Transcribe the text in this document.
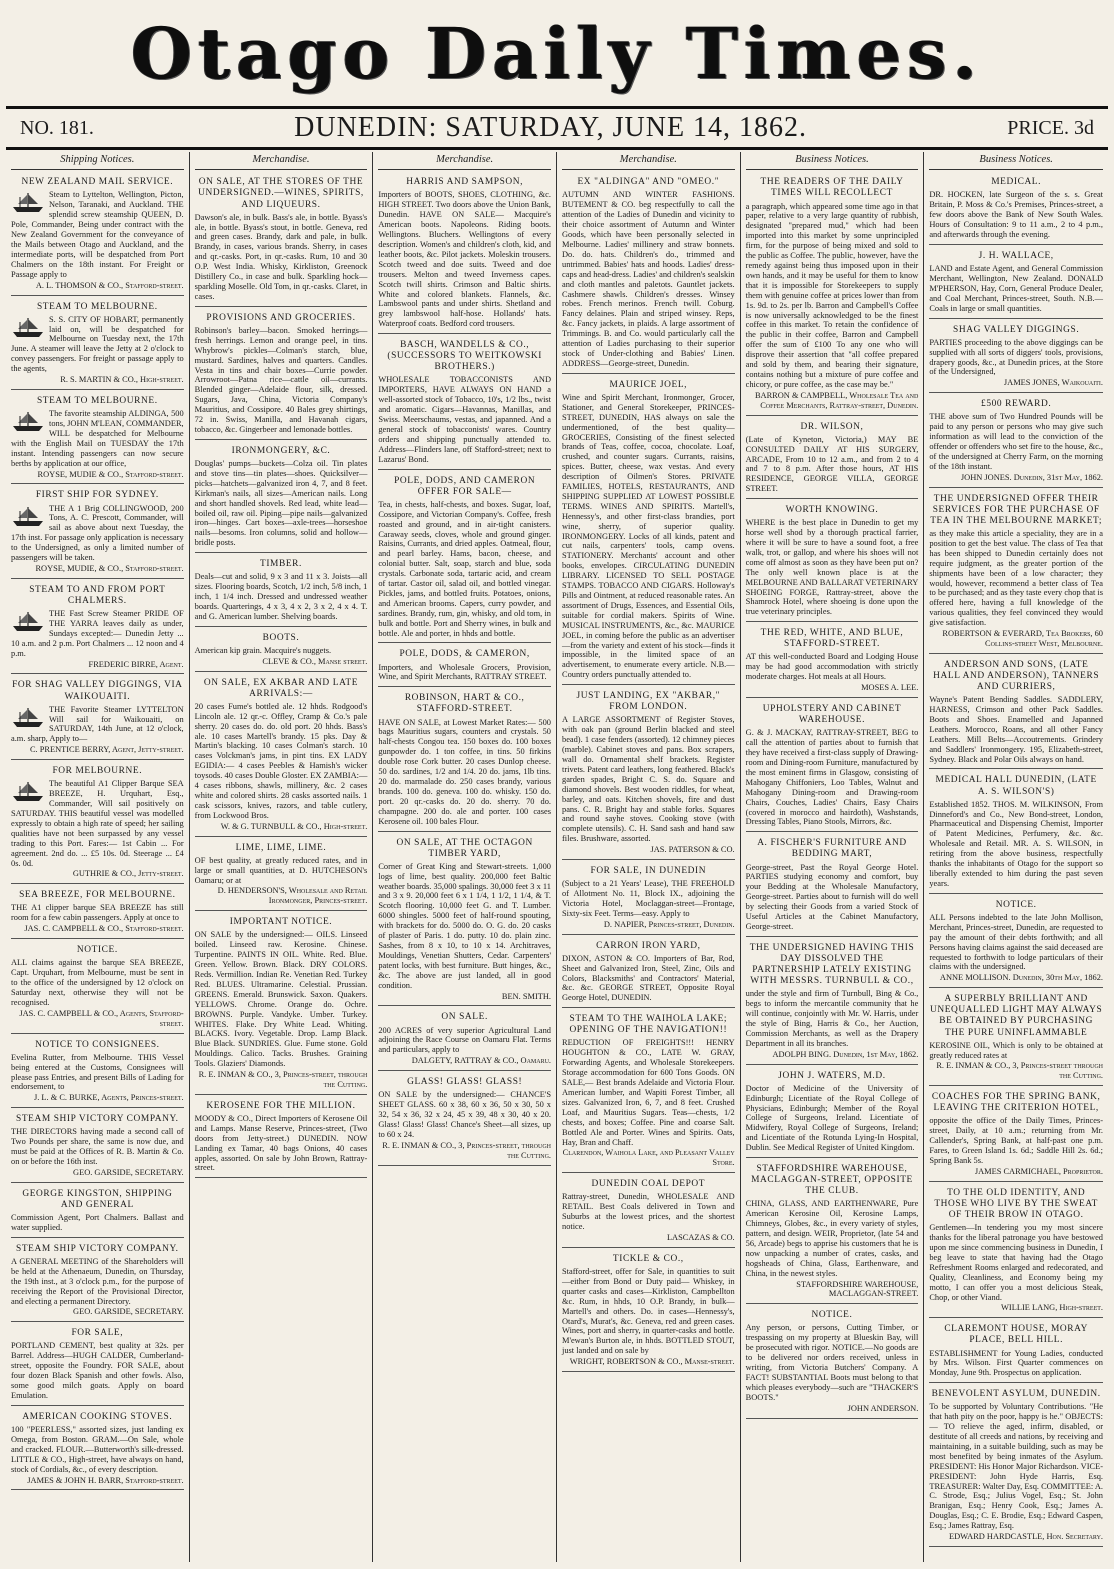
Otago Daily Times.
NO. 181.	DUNEDIN: SATURDAY, JUNE 14, 1862.	PRICE. 3d
Shipping Notices.
NEW ZEALAND MAIL SERVICE.
Steam to Lyttelton, Wellington, Picton, Nelson, Taranaki, and Auckland. THE splendid screw steamship QUEEN, D. Pole, Commander, Being under contract with the New Zealand Government for the conveyance of the Mails between Otago and Auckland, and the intermediate ports, will be despatched from Port Chalmers on the 18th instant. For Freight or Passage apply to
A. L. THOMSON & CO., Stafford-street.
STEAM TO MELBOURNE.
S. S. CITY OF HOBART, permanently laid on, will be despatched for Melbourne on Tuesday next, the 17th June. A steamer will leave the Jetty at 2 o'clock to convey passengers. For freight or passage apply to the agents,
R. S. MARTIN & CO., High-street.
STEAM TO MELBOURNE.
The favorite steamship ALDINGA, 500 tons, JOHN M'LEAN, COMMANDER, WILL be despatched for Melbourne with the English Mail on TUESDAY the 17th instant. Intending passengers can now secure berths by application at our office,
ROYSE, MUDIE & CO., Stafford-street.
FIRST SHIP FOR SYDNEY.
THE A 1 Brig COLLINGWOOD, 200 Tons, A. C. Prescott, Commander, will sail as above about next Tuesday, the 17th inst. For passage only application is necessary to the Undersigned, as only a limited number of passengers will be taken.
ROYSE, MUDIE, & CO., Stafford-street.
STEAM TO AND FROM PORT CHALMERS.
THE Fast Screw Steamer PRIDE OF THE YARRA leaves daily as under, Sundays excepted:— Dunedin Jetty ... 10 a.m. and 2 p.m. Port Chalmers ... 12 noon and 4 p.m.
FREDERIC BIRRE, Agent.
FOR SHAG VALLEY DIGGINGS, VIA WAIKOUAITI.
THE Favorite Steamer LYTTELTON Will sail for Waikouaiti, on SATURDAY, 14th June, at 12 o'clock, a.m. sharp, Apply to—
C. PRENTICE BERRY, Agent, Jetty-street.
FOR MELBOURNE.
The beautiful A1 Clipper Barque SEA BREEZE, H. Urquhart, Esq., Commander, Will sail positively on SATURDAY. THIS beautiful vessel was modelled expressly to obtain a high rate of speed; her sailing qualities have not been surpassed by any vessel trading to this Port. Fares:— 1st Cabin ... For agreement. 2nd do. ... £5 10s. 0d. Steerage ... £4 0s. 0d.
GUTHRIE & CO., Jetty-street.
SEA BREEZE, FOR MELBOURNE.
THE A1 clipper barque SEA BREEZE has still room for a few cabin passengers. Apply at once to
JAS. C. CAMPBELL & CO., Stafford-street.
NOTICE.
ALL claims against the barque SEA BREEZE, Capt. Urquhart, from Melbourne, must be sent in to the office of the undersigned by 12 o'clock on Saturday next, otherwise they will not be recognised.
JAS. C. CAMPBELL & CO., Agents, Stafford-street.
NOTICE TO CONSIGNEES.
Evelina Rutter, from Melbourne. THIS Vessel being entered at the Customs, Consignees will please pass Entries, and present Bills of Lading for endorsement, to
J. L. & C. BURKE, Agents, Princes-street.
STEAM SHIP VICTORY COMPANY.
THE DIRECTORS having made a second call of Two Pounds per share, the same is now due, and must be paid at the Offices of R. B. Martin & Co. on or before the 16th inst.
GEO. GARSIDE, SECRETARY.
GEORGE KINGSTON, SHIPPING AND GENERAL
Commission Agent, Port Chalmers. Ballast and water supplied.
STEAM SHIP VICTORY COMPANY.
A GENERAL MEETING of the Shareholders will be held at the Athenaeum, Dunedin, on Thursday, the 19th inst., at 3 o'clock p.m., for the purpose of receiving the Report of the Provisional Director, and electing a permanent Directory.
GEO. GARSIDE, SECRETARY.
FOR SALE,
PORTLAND CEMENT, best quality at 32s. per Barrel. Address—HUGH CALDER, Cumberland-street, opposite the Foundry. FOR SALE, about four dozen Black Spanish and other fowls. Also, some good milch goats. Apply on board Emulation.
AMERICAN COOKING STOVES.
100 "PEERLESS," assorted sizes, just landing ex Omega, from Boston. GRAM.—On Sale, whole and cracked. FLOUR.—Butterworth's silk-dressed. LITTLE & CO., High-street, have always on hand, stock of Cordials, &c., of every description.
JAMES & JOHN H. BARR, Stafford-street.
Merchandise.
ON SALE, AT THE STORES OF THE UNDERSIGNED.—WINES, SPIRITS, AND LIQUEURS.
Dawson's ale, in bulk. Bass's ale, in bottle. Byass's ale, in bottle. Byass's stout, in bottle. Geneva, red and green cases. Brandy, dark and pale, in bulk. Brandy, in cases, various brands. Sherry, in cases and qr.-casks. Port, in qr.-casks. Rum, 10 and 30 O.P. West India. Whisky, Kirkliston, Greenock Distillery Co., in case and bulk. Sparkling hock—sparkling Moselle. Old Tom, in qr.-casks. Claret, in cases.
PROVISIONS AND GROCERIES.
Robinson's barley—bacon. Smoked herrings—fresh herrings. Lemon and orange peel, in tins. Whybrow's pickles—Colman's starch, blue, mustard. Sardines, halves and quarters. Candles. Vesta in tins and chair boxes—Currie powder. Arrowroot—Patna rice—cattle oil—currants. Blended ginger—Adelaide flour, silk, dressed. Sugars, Java, China, Victoria Company's Mauritius, and Cossipore. 40 Bales grey shirtings, 72 in. Swiss, Manilla, and Havanah cigars, tobacco, &c. Gingerbeer and lemonade bottles.
IRONMONGERY, &C.
Douglas' pumps—buckets—Colza oil. Tin plates and stove tins—tin plates—shoes. Quicksilver—picks—hatchets—galvanized iron 4, 7, and 8 feet. Kirkman's nails, all sizes—American nails. Long and short handled shovels. Red lead, white lead—boiled oil, raw oil. Piping—pipe nails—galvanized iron—hinges. Cart boxes—axle-trees—horseshoe nails—besoms. Iron columns, solid and hollow—bridle posts.
TIMBER.
Deals—cut and solid, 9 x 3 and 11 x 3. Joists—all sizes. Flooring boards, Scotch, 1/2 inch, 5/8 inch, 1 inch, 1 1/4 inch. Dressed and undressed weather boards. Quarterings, 4 x 3, 4 x 2, 3 x 2, 4 x 4. T. and G. American lumber. Shelving boards.
BOOTS.
American kip grain. Macquire's nuggets.
CLEVE & CO., Manse street.
ON SALE, EX AKBAR AND LATE ARRIVALS:—
20 cases Fume's bottled ale. 12 hhds. Rodgood's Lincoln ale. 12 qr.-c. Offley, Cramp & Co.'s pale sherry. 20 cases do. do. old port. 20 hhds. Bass's ale. 10 cases Martell's brandy. 15 pks. Day & Martin's blacking. 10 cases Colman's starch. 10 cases Volckman's jams, in pint tins. EX LADY EGIDIA:— 4 cases Peebles & Hamish's wicker toysods. 40 cases Double Gloster. EX ZAMBIA:— 4 cases ribbons, shawls, millinery, &c. 2 cases white and colored shirts. 28 casks assorted nails. 1 cask scissors, knives, razors, and table cutlery, from Lockwood Bros.
W. & G. TURNBULL & CO., High-street.
LIME, LIME, LIME.
OF best quality, at greatly reduced rates, and in large or small quantities, at D. HUTCHESON's Oamaru; or at
D. HENDERSON'S, Wholesale and Retail Ironmonger, Princes-street.
IMPORTANT NOTICE.
ON SALE by the undersigned:— OILS. Linseed boiled. Linseed raw. Kerosine. Chinese. Turpentine. PAINTS IN OIL. White. Red. Blue. Green. Yellow. Brown. Black. DRY COLORS. Reds. Vermillion. Indian Re. Venetian Red. Turkey Red. BLUES. Ultramarine. Celestial. Prussian. GREENS. Emerald. Brunswick. Saxon. Quakers. YELLOWS. Chrome. Orange do. Ochre. BROWNS. Purple. Vandyke. Umber. Turkey. WHITES. Flake. Dry White Lead. Whiting. BLACKS. Ivory. Vegetable. Drop. Lamp Black. Blue Black. SUNDRIES. Glue. Fume stone. Gold Mouldings. Calico. Tacks. Brushes. Graining Tools. Glaziers' Diamonds.
R. E. INMAN & CO., 3, Princes-street, through the Cutting.
KEROSENE FOR THE MILLION.
MOODY & CO., Direct Importers of Kerosene Oil and Lamps. Manse Reserve, Princes-street, (Two doors from Jetty-street.) DUNEDIN. NOW Landing ex Tamar, 40 bags Onions, 40 cases apples, assorted. On sale by John Brown, Rattray-street.
Merchandise.
HARRIS AND SAMPSON,
Importers of BOOTS, SHOES, CLOTHING, &c. HIGH STREET. Two doors above the Union Bank, Dunedin. HAVE ON SALE— Macquire's American boots. Napoleons. Riding boots. Wellingtons. Bluchers. Wellingtons of every description. Women's and children's cloth, kid, and leather boots, &c. Pilot jackets. Moleskin trousers. Scotch tweed and doe suits. Tweed and doe trousers. Melton and tweed Inverness capes. Scotch twill shirts. Crimson and Baltic shirts. White and colored blankets. Flannels, &c. Lambswool pants and under shirts. Shetland and grey lambswool half-hose. Hollands' hats. Waterproof coats. Bedford cord trousers.
BASCH, WANDELLS & CO., (SUCCESSORS TO WEITKOWSKI BROTHERS.)
WHOLESALE TOBACCONISTS AND IMPORTERS, HAVE ALWAYS ON HAND a well-assorted stock of Tobacco, 10's, 1/2 lbs., twist and aromatic. Cigars—Havannas, Manillas, and Swiss. Meerschaums, vestas, and japanned. And a general stock of tobacconists' wares. Country orders and shipping punctually attended to. Address—Flinders lane, off Stafford-street; next to Lazarus' Bond.
POLE, DODS, AND CAMERON OFFER FOR SALE—
Tea, in chests, half-chests, and boxes. Sugar, loaf, Cossipore, and Victorian Company's. Coffee, fresh roasted and ground, and in air-tight canisters. Caraway seeds, cloves, whole and ground ginger. Raisins, Currants, and dried apples. Oatmeal, flour, and pearl barley. Hams, bacon, cheese, and colonial butter. Salt, soap, starch and blue, soda crystals. Carbonate soda, tartaric acid, and cream of tartar. Castor oil, salad oil, and bottled vinegar. Pickles, jams, and bottled fruits. Potatoes, onions, and American brooms. Capers, curry powder, and sardines. Brandy, rum, gin, whisky, and old tom, in bulk and bottle. Port and Sherry wines, in bulk and bottle. Ale and porter, in hhds and bottle.
POLE, DODS, & CAMERON,
Importers, and Wholesale Grocers, Provision, Wine, and Spirit Merchants, RATTRAY STREET.
ROBINSON, HART & CO., STAFFORD-STREET.
HAVE ON SALE, at Lowest Market Rates:— 500 bags Mauritius sugars, counters and crystals. 50 half-chests Congou tea. 150 boxes do. 100 boxes gunpowder do. 1 ton coffee, in tins. 50 firkins double rose Cork butter. 20 cases Dunlop cheese. 50 do. sardines, 1/2 and 1/4. 20 do. jams, 1lb tins. 20 do. marmalade do. 250 cases brandy, various brands. 100 do. geneva. 100 do. whisky. 150 do. port. 20 qr.-casks do. 20 do. sherry. 70 do. champagne. 200 do. ale and porter. 100 cases Kerosene oil. 100 bales Flour.
ON SALE, AT THE OCTAGON TIMBER YARD,
Corner of Great King and Stewart-streets. 1,000 logs of lime, best quality. 200,000 feet Baltic weather boards. 35,000 spalings. 30,000 feet 3 x 11 and 3 x 9. 20,000 feet 6 x 1 1/4, 1 1/2, 1 1/4, & T. Scotch flooring. 10,000 feet G. and T. Lumber. 6000 shingles. 5000 feet of half-round spouting, with brackets for do. 5000 do. O. G. do. 20 casks of plaster of Paris. 1 do. putty. 10 do. plain zinc. Sashes, from 8 x 10, to 10 x 14. Architraves, Mouldings, Venetian Shutters, Cedar. Carpenters' patent locks, with best furniture. Butt hinges, &c., &c. The above are just landed, all in good condition.
BEN. SMITH.
ON SALE.
200 ACRES of very superior Agricultural Land adjoining the Race Course on Oamaru Flat. Terms and particulars, apply to
DALGETY, RATTRAY & CO., Oamaru.
GLASS! GLASS! GLASS!
ON SALE by the undersigned:— CHANCE'S SHEET GLASS. 60 x 38, 60 x 36, 50 x 30, 50 x 32, 54 x 36, 32 x 24, 45 x 39, 48 x 30, 40 x 20. Glass! Glass! Glass! Chance's Sheet—all sizes, up to 60 x 24.
R. E. INMAN & CO., 3, Princes-street, through the Cutting.
Merchandise.
EX "ALDINGA" AND "OMEO."
AUTUMN AND WINTER FASHIONS. BUTEMENT & CO. beg respectfully to call the attention of the Ladies of Dunedin and vicinity to their choice assortment of Autumn and Winter Goods, which have been personally selected in Melbourne. Ladies' millinery and straw bonnets. Do. do. hats. Children's do., trimmed and untrimmed. Babies' hats and hoods. Ladies' dress-caps and head-dress. Ladies' and children's sealskin and cloth mantles and paletots. Gauntlet jackets. Cashmere shawls. Children's dresses. Winsey robes. French merinos. French twill. Coburg. Fancy delaines. Plain and striped winsey. Reps, &c. Fancy jackets, in plaids. A large assortment of Trimmings. B. and Co. would particularly call the attention of Ladies purchasing to their superior stock of Under-clothing and Babies' Linen. ADDRESS—George-street, Dunedin.
MAURICE JOEL,
Wine and Spirit Merchant, Ironmonger, Grocer, Stationer, and General Storekeeper, PRINCES-STREET, DUNEDIN, HAS always on sale the undermentioned, of the best quality— GROCERIES, Consisting of the finest selected brands of Teas, coffee, cocoa, chocolate. Loaf, crushed, and counter sugars. Currants, raisins, spices. Butter, cheese, wax vestas. And every description of Oilmen's Stores. PRIVATE FAMILIES, HOTELS, RESTAURANTS, AND SHIPPING SUPPLIED AT LOWEST POSSIBLE TERMS. WINES AND SPIRITS. Martell's, Hennessy's, and other first-class brandies, port wine, sherry, of superior quality. IRONMONGERY. Locks of all kinds, patent and cut nails, carpenters' tools, camp ovens. STATIONERY. Merchants' account and other books, envelopes. CIRCULATING DUNEDIN LIBRARY. LICENSED TO SELL POSTAGE STAMPS. TOBACCO AND CIGARS. Holloway's Pills and Ointment, at reduced reasonable rates. An assortment of Drugs, Essences, and Essential Oils, suitable for cordial makers. Spirits of Wine. MUSICAL INSTRUMENTS, &c., &c. MAURICE JOEL, in coming before the public as an advertiser—from the variety and extent of his stock—finds it impossible, in the limited space of an advertisement, to enumerate every article. N.B.—Country orders punctually attended to.
JUST LANDING, EX "AKBAR," FROM LONDON.
A LARGE ASSORTMENT of Register Stoves, with oak pan (ground Berlin blacked and steel bead). 1 case fenders (assorted). 12 chimney pieces (marble). Cabinet stoves and pans. Box scrapers, wall do. Ornamental shelf brackets. Register trivets. Patent card leathers, long feathered. Black's garden spades, Bright C. S. do. Square and diamond shovels. Best wooden riddles, for wheat, barley, and oats. Kitchen shovels, fire and dust pans. C. R. Bright hay and stable forks. Squares and round sayhe stoves. Cooking stove (with complete utensils). C. H. Sand sash and hand saw files. Brushware, assorted.
JAS. PATERSON & CO.
FOR SALE, IN DUNEDIN
(Subject to a 21 Years' Lease), THE FREEHOLD of Allotment No. 11, Block IX., adjoining the Victoria Hotel, Moclaggan-street—Frontage, Sixty-six Feet. Terms—easy. Apply to
D. NAPIER, Princes-street, Dunedin.
CARRON IRON YARD,
DIXON, ASTON & CO. Importers of Bar, Rod, Sheet and Galvanized Iron, Steel, Zinc, Oils and Colors, Blacksmiths' and Contractors' Material, &c. &c. GEORGE STREET, Opposite Royal George Hotel, DUNEDIN.
STEAM TO THE WAIHOLA LAKE; OPENING OF THE NAVIGATION!!
REDUCTION OF FREIGHTS!!! HENRY HOUGHTON & CO., LATE W. GRAY, Forwarding Agents, and Wholesale Storekeepers. Storage accommodation for 600 Tons Goods. ON SALE,— Best brands Adelaide and Victoria Flour. American lumber, and Wapiti Forest Timber, all sizes. Galvanized Iron, 6, 7, and 8 feet. Crushed Loaf, and Mauritius Sugars. Teas—chests, 1/2 chests, and boxes; Coffee. Pine and coarse Salt. Bottled Ale and Porter. Wines and Spirits. Oats, Hay, Bran and Chaff.
Clarendon, Waihola Lake, and Pleasant Valley Store.
DUNEDIN COAL DEPOT
Rattray-street, Dunedin, WHOLESALE AND RETAIL. Best Coals delivered in Town and Suburbs at the lowest prices, and the shortest notice.
LASCAZAS & CO.
TICKLE & CO.,
Stafford-street, offer for Sale, in quantities to suit—either from Bond or Duty paid— Whiskey, in quarter casks and cases—Kirkliston, Campbellton &c. Rum, in hhds, 10 O.P. Brandy, in bulk—Martell's and others. Do. in cases—Hennessy's, Otard's, Murat's, &c. Geneva, red and green cases. Wines, port and sherry, in quarter-casks and bottle. M'ewan's Burton ale, in hhds. BOTTLED STOUT, just landed and on sale by
WRIGHT, ROBERTSON & CO., Manse-street.
Business Notices.
THE READERS OF THE DAILY TIMES WILL RECOLLECT
a paragraph, which appeared some time ago in that paper, relative to a very large quantity of rubbish, designated "prepared mud," which had been imported into this market by some unprincipled firm, for the purpose of being mixed and sold to the public as Coffee. The public, however, have the remedy against being thus imposed upon in their own hands, and it may be useful for them to know that it is impossible for Storekeepers to supply them with genuine coffee at prices lower than from 1s. 9d. to 2s. per lb. Barron and Campbell's Coffee is now universally acknowledged to be the finest coffee in this market. To retain the confidence of the public in their coffee, Barron and Campbell offer the sum of £100 To any one who will disprove their assertion that "all coffee prepared and sold by them, and bearing their signature, contains nothing but a mixture of pure coffee and chicory, or pure coffee, as the case may be."
BARRON & CAMPBELL, Wholesale Tea and Coffee Merchants, Rattray-street, Dunedin.
DR. WILSON,
(Late of Kyneton, Victoria,) MAY BE CONSULTED DAILY AT HIS SURGERY, ARCADE, From 10 to 12 a.m., and from 2 to 4 and 7 to 8 p.m. After those hours, AT HIS RESIDENCE, GEORGE VILLA, GEORGE STREET.
WORTH KNOWING.
WHERE is the best place in Dunedin to get my horse well shod by a thorough practical farrier, where it will be sure to have a sound foot, a free walk, trot, or gallop, and where his shoes will not come off almost as soon as they have been put on? The only well known place is at the MELBOURNE AND BALLARAT VETERINARY SHOEING FORGE, Rattray-street, above the Shamrock Hotel, where shoeing is done upon the true veterinary principles.
THE RED, WHITE, AND BLUE, STAFFORD-STREET.
AT this well-conducted Board and Lodging House may be had good accommodation with strictly moderate charges. Hot meals at all Hours.
MOSES A. LEE.
UPHOLSTERY AND CABINET WAREHOUSE.
G. & J. MACKAY, RATTRAY-STREET, BEG to call the attention of parties about to furnish that they have received a first-class supply of Drawing-room and Dining-room Furniture, manufactured by the most eminent firms in Glasgow, consisting of Mahogany Chiffoniers, Loo Tables, Walnut and Mahogany Dining-room and Drawing-room Chairs, Couches, Ladies' Chairs, Easy Chairs (covered in morocco and hairdoth), Washstands, Dressing Tables, Piano Stools, Mirrors, &c.
A. FISCHER'S FURNITURE AND BEDDING MART,
George-street, Past the Royal George Hotel. PARTIES studying economy and comfort, buy your Bedding at the Wholesale Manufactory, George-street. Parties about to furnish will do well by selecting their Goods from a varied Stock of Useful Articles at the Cabinet Manufactory, George-street.
THE UNDERSIGNED HAVING THIS DAY DISSOLVED THE PARTNERSHIP LATELY EXISTING WITH MESSRS. TURNBULL & CO.,
under the style and firm of Turnbull, Bing & Co., begs to inform the mercantile community that he will continue, conjointly with Mr. W. Harris, under the style of Bing, Harris & Co., her Auction, Commission Merchants, as well as the Drapery Department in all its branches.
ADOLPH BING. Dunedin, 1st May, 1862.
JOHN J. WATERS, M.D.
Doctor of Medicine of the University of Edinburgh; Licentiate of the Royal College of Physicians, Edinburgh; Member of the Royal College of Surgeons, Ireland. Licentiate of Midwifery, Royal College of Surgeons, Ireland; and Licentiate of the Rotunda Lying-In Hospital, Dublin. See Medical Register of United Kingdom.
STAFFORDSHIRE WAREHOUSE, MACLAGGAN-STREET, OPPOSITE THE CLUB.
CHINA, GLASS, AND EARTHENWARE, Pure American Kerosine Oil, Kerosine Lamps, Chimneys, Globes, &c., in every variety of styles, pattern, and design. WEIR, Proprietor, (late 54 and 56, Arcade) begs to apprise his customers that he is now unpacking a number of crates, casks, and hogsheads of China, Glass, Earthenware, and China, in the newest styles.
STAFFORDSHIRE WAREHOUSE, MACLAGGAN-STREET.
NOTICE.
Any person, or persons, Cutting Timber, or trespassing on my property at Blueskin Bay, will be prosecuted with rigor. NOTICE.—No goods are to be delivered nor orders received, unless in writing, from Victoria Butchers' Company. A FACT! SUBSTANTIAL Boots must belong to that which pleases everybody—such are "THACKER'S BOOTS."
JOHN ANDERSON.
Business Notices.
MEDICAL.
DR. HOCKEN, late Surgeon of the s. s. Great Britain, P. Moss & Co.'s Premises, Princes-street, a few doors above the Bank of New South Wales. Hours of Consultation: 9 to 11 a.m., 2 to 4 p.m., and afterwards through the evening.
J. H. WALLACE,
LAND and Estate Agent, and General Commission Merchant, Wellington, New Zealand. DONALD M'PHERSON, Hay, Corn, General Produce Dealer, and Coal Merchant, Princes-street, South. N.B.—Coals in large or small quantities.
SHAG VALLEY DIGGINGS.
PARTIES proceeding to the above diggings can be supplied with all sorts of diggers' tools, provisions, drapery goods, &c., at Dunedin prices, at the Store of the Undersigned,
JAMES JONES, Waikouaiti.
£500 REWARD.
THE above sum of Two Hundred Pounds will be paid to any person or persons who may give such information as will lead to the conviction of the offender or offenders who set fire to the house, &c., of the undersigned at Cherry Farm, on the morning of the 18th instant.
JOHN JONES. Dunedin, 31st May, 1862.
THE UNDERSIGNED OFFER THEIR SERVICES FOR THE PURCHASE OF TEA IN THE MELBOURNE MARKET;
as they make this article a speciality, they are in a position to get the best value. The class of Tea that has been shipped to Dunedin certainly does not require judgment, as the greater portion of the shipments have been of a low character; they would, however, recommend a better class of Tea to be purchased; and as they taste every chop that is offered here, having a full knowledge of the various qualities, they feel convinced they would give satisfaction.
ROBERTSON & EVERARD, Tea Brokers, 60 Collins-street West, Melbourne.
ANDERSON AND SONS, (LATE HALL AND ANDERSON), TANNERS AND CURRIERS,
Wayne's Patent Bending Saddles. SADDLERY, HARNESS, Crimson and other Pack Saddles. Boots and Shoes. Enamelled and Japanned Leathers. Morocco, Roans, and all other Fancy Leathers. Mill Belts—Accoutrements. Grindery and Saddlers' Ironmongery. 195, Elizabeth-street, Sydney. Black and Polar Oils always on hand.
MEDICAL HALL DUNEDIN, (LATE A. S. WILSON'S)
Established 1852. THOS. M. WILKINSON, From Dinneford's and Co., New Bond-street, London, Pharmaceutical and Dispensing Chemist, Importer of Patent Medicines, Perfumery, &c. &c. Wholesale and Retail. MR. A. S. WILSON, in retiring from the above business, respectfully thanks the inhabitants of Otago for the support so liberally extended to him during the past seven years.
NOTICE.
ALL Persons indebted to the late John Mollison, Merchant, Princes-street, Dunedin, are requested to pay the amount of their debts forthwith; and all Persons having claims against the said deceased are requested to forthwith to lodge particulars of their claims with the undersigned.
ANNE MOLLISON. Dunedin, 30th May, 1862.
A SUPERBLY BRILLIANT AND UNEQUALLED LIGHT MAY ALWAYS BE OBTAINED BY PURCHASING THE PURE UNINFLAMMABLE
KEROSINE OIL, Which is only to be obtained at greatly reduced rates at
R. E. INMAN & CO., 3, Princes-street through the Cutting.
COACHES FOR THE SPRING BANK, LEAVING THE CRITERION HOTEL,
opposite the office of the Daily Times, Princes-street, Daily, at 10 a.m.; returning from Mr. Callender's, Spring Bank, at half-past one p.m. Fares, to Green Island 1s. 6d.; Saddle Hill 2s. 6d.; Spring Bank 5s.
JAMES CARMICHAEL, Proprietor.
TO THE OLD IDENTITY, AND THOSE WHO LIVE BY THE SWEAT OF THEIR BROW IN OTAGO.
Gentlemen—In tendering you my most sincere thanks for the liberal patronage you have bestowed upon me since commencing business in Dunedin, I beg leave to state that having had the Otago Refreshment Rooms enlarged and redecorated, and Quality, Cleanliness, and Economy being my motto, I can offer you a most delicious Steak, Chop, or other Viand.
WILLIE LANG, High-street.
CLAREMONT HOUSE, MORAY PLACE, BELL HILL.
ESTABLISHMENT for Young Ladies, conducted by Mrs. Wilson. First Quarter commences on Monday, June 9th. Prospectus on application.
BENEVOLENT ASYLUM, DUNEDIN.
To be supported by Voluntary Contributions. "He that hath pity on the poor, happy is he." OBJECTS:— TO relieve the aged, infirm, disabled, or destitute of all creeds and nations, by receiving and maintaining, in a suitable building, such as may be most benefited by being inmates of the Asylum. PRESIDENT: His Honor Major Richardson. VICE-PRESIDENT: John Hyde Harris, Esq. TREASURER: Walter Day, Esq. COMMITTEE: A. C. Strode, Esq.; Julius Vogel, Esq.; St. John Branigan, Esq.; Henry Cook, Esq.; James A. Douglas, Esq.; C. E. Brodie, Esq.; Edward Caspen, Esq.; James Rattray, Esq.
EDWARD HARDCASTLE, Hon. Secretary.
